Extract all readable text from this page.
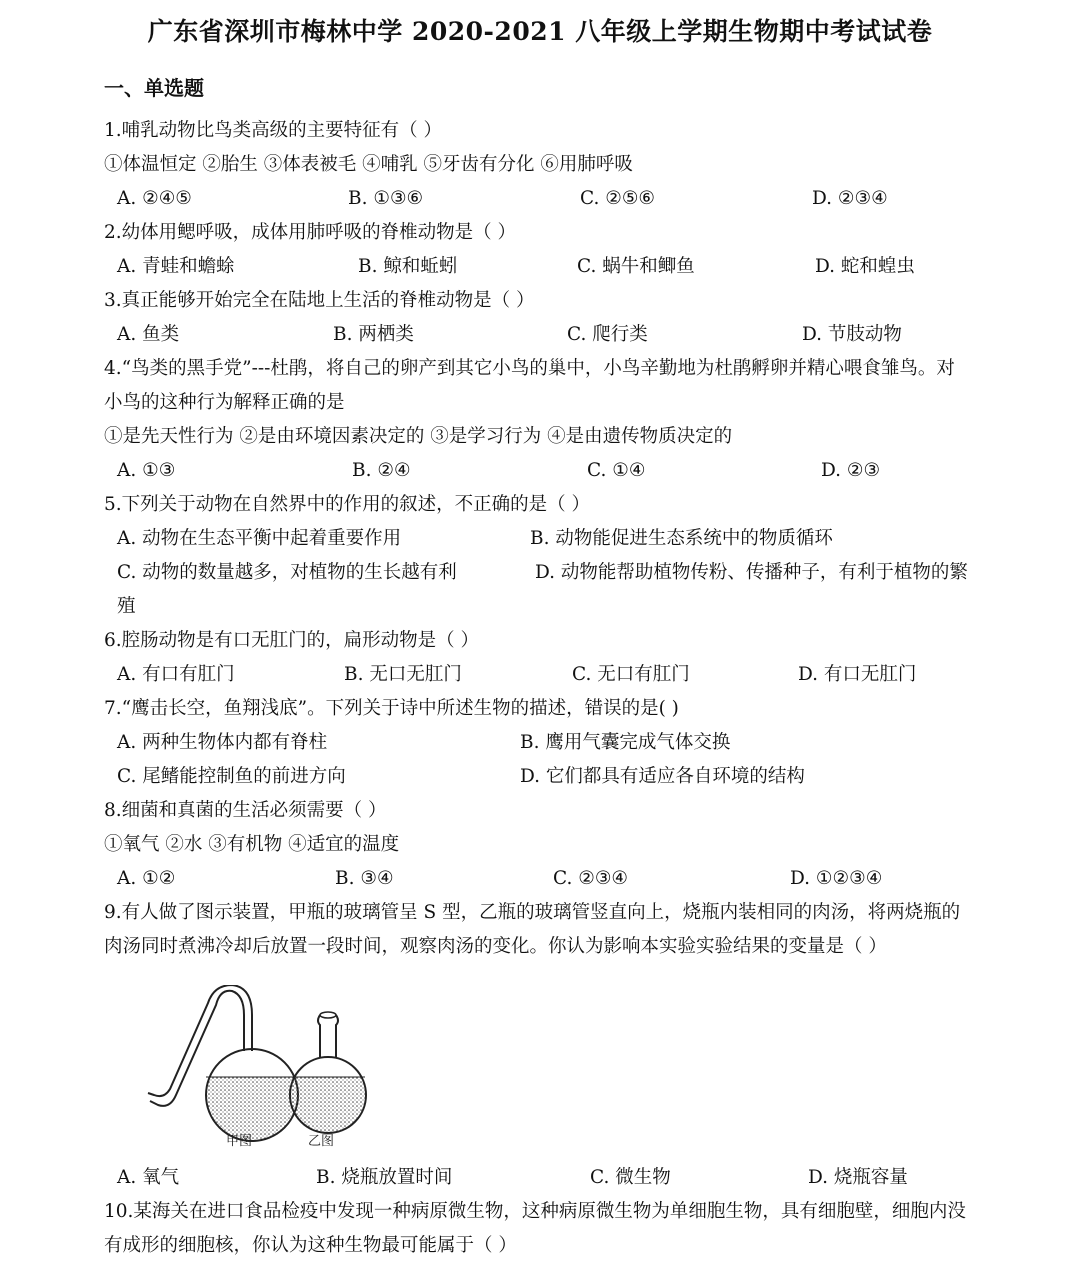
广东省深圳市梅林中学 2020-2021 八年级上学期生物期中考试试卷
一、单选题
1.哺乳动物比鸟类高级的主要特征有（ ）
①体温恒定 ②胎生 ③体表被毛 ④哺乳 ⑤牙齿有分化 ⑥用肺呼吸
A. ②④⑤	B. ①③⑥	C. ②⑤⑥	D. ②③④
2.幼体用鳃呼吸，成体用肺呼吸的脊椎动物是（ ）
A. 青蛙和蟾蜍	B. 鲸和蚯蚓	C. 蜗牛和鲫鱼	D. 蛇和蝗虫
3.真正能够开始完全在陆地上生活的脊椎动物是（ ）
A. 鱼类	B. 两栖类	C. 爬行类	D. 节肢动物
4.“鸟类的黑手党”---杜鹃，将自己的卵产到其它小鸟的巢中，小鸟辛勤地为杜鹃孵卵并精心喂食雏鸟。对
小鸟的这种行为解释正确的是
①是先天性行为 ②是由环境因素决定的 ③是学习行为 ④是由遗传物质决定的
A. ①③	B. ②④	C. ①④	D. ②③
5.下列关于动物在自然界中的作用的叙述，不正确的是（ ）
A. 动物在生态平衡中起着重要作用	B. 动物能促进生态系统中的物质循环
C. 动物的数量越多，对植物的生长越有利	D. 动物能帮助植物传粉、传播种子，有利于植物的繁
殖
6.腔肠动物是有口无肛门的，扁形动物是（ ）
A. 有口有肛门	B. 无口无肛门	C. 无口有肛门	D. 有口无肛门
7.“鹰击长空，鱼翔浅底”。下列关于诗中所述生物的描述，错误的是( )
A. 两种生物体内都有脊柱	B. 鹰用气囊完成气体交换
C. 尾鳍能控制鱼的前进方向	D. 它们都具有适应各自环境的结构
8.细菌和真菌的生活必须需要（ ）
①氧气 ②水 ③有机物 ④适宜的温度
A. ①②	B. ③④	C. ②③④	D. ①②③④
9.有人做了图示装置，甲瓶的玻璃管呈 S 型，乙瓶的玻璃管竖直向上，烧瓶内装相同的肉汤，将两烧瓶的
肉汤同时煮沸冷却后放置一段时间，观察肉汤的变化。你认为影响本实验实验结果的变量是（ ）
甲图	乙图
A. 氧气	B. 烧瓶放置时间	C. 微生物	D. 烧瓶容量
10.某海关在进口食品检疫中发现一种病原微生物，这种病原微生物为单细胞生物，具有细胞壁，细胞内没
有成形的细胞核，你认为这种生物最可能属于（ ）
